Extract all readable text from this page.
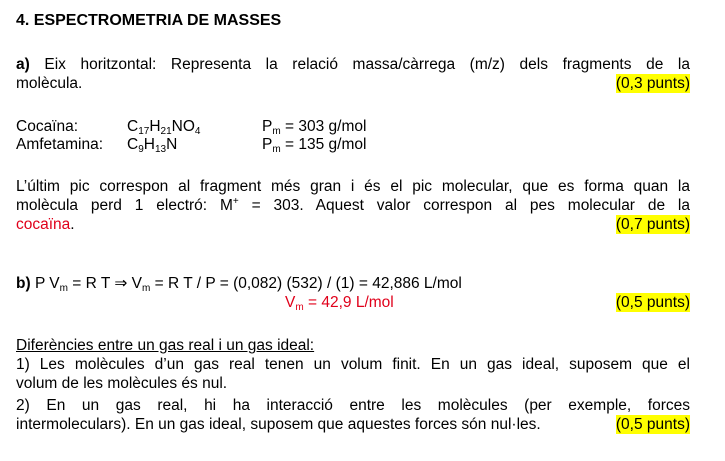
4. ESPECTROMETRIA DE MASSES
a) Eix horitzontal: Representa la relació massa/càrrega (m/z) dels fragments de la
molècula.	(0,3 punts)
Cocaïna:	$C_{17}H_{21}NO_4$	$P_m = 303$ g/mol
Amfetamina: $C_9H_{13}N$	$P_m = 135$ g/mol
L’últim pic correspon al fragment més gran i és el pic molecular, que es forma quan la
molècula perd 1 electró: M+ = 303. Aquest valor correspon al pes molecular de la
cocaïna.	(0,7 punts)
b) P $V_m = R$ T ⇒ $V_m = R$ T / P = (0,082) (532) / (1) = 42,886 L/mol
$V_m = 42,9$ L/mol	(0,5 punts)
Diferències entre un gas real i un gas ideal:
1) Les molècules d’un gas real tenen un volum finit. En un gas ideal, suposem que el
volum de les molècules és nul.
2) En un gas real, hi ha interacció entre les molècules (per exemple, forces
intermoleculars). En un gas ideal, suposem que aquestes forces són nul·les.	(0,5 punts)
